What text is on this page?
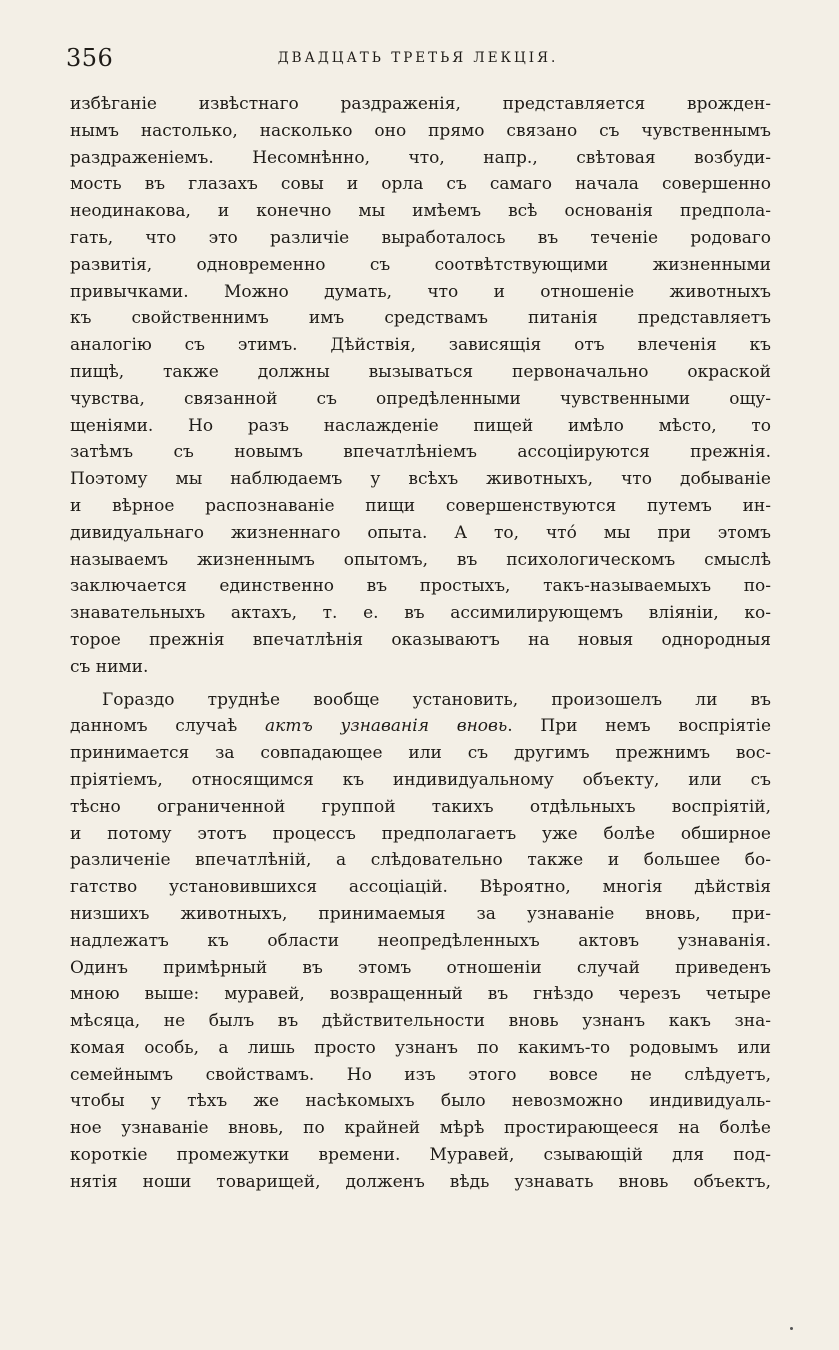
356	ДВАДЦАТЬ ТРЕТЬЯ ЛЕКЦІЯ.
избѣганіе извѣстнаго раздраженія, представляется врожден-
нымъ настолько, насколько оно прямо связано съ чувственнымъ
раздраженіемъ. Несомнѣнно, что, напр., свѣтовая возбуди-
мость въ глазахъ совы и орла съ самаго начала совершенно
неодинакова, и конечно мы имѣемъ всѣ основанія предпола-
гать, что это различіе выработалось въ теченіе родоваго
развитія, одновременно съ соотвѣтствующими жизненными
привычками. Можно думать, что и отношеніе животныхъ
къ свойственнимъ имъ средствамъ питанія представляетъ
аналогію съ этимъ. Дѣйствія, зависящія отъ влеченія къ
пищѣ, также должны вызываться первоначально окраской
чувства, связанной съ опредѣленными чувственными ощу-
щеніями. Но разъ наслажденіе пищей имѣло мѣсто, то
затѣмъ съ новымъ впечатлѣніемъ ассоціируются прежнія.
Поэтому мы наблюдаемъ у всѣхъ животныхъ, что добываніе
и вѣрное распознаваніе пищи совершенствуются путемъ ин-
дивидуальнаго жизненнаго опыта. А то, что́ мы при этомъ
называемъ жизненнымъ опытомъ, въ психологическомъ смыслѣ
заключается единственно въ простыхъ, такъ-называемыхъ по-
знавательныхъ актахъ, т. е. въ ассимилирующемъ вліяніи, ко-
торое прежнія впечатлѣнія оказываютъ на новыя однородныя
съ ними.
Гораздо труднѣе вообще установить, произошелъ ли въ
данномъ случаѣ актъ узнаванія вновь. При немъ воспріятіе
принимается за совпадающее или съ другимъ прежнимъ вос-
пріятіемъ, относящимся къ индивидуальному объекту, или съ
тѣсно ограниченной группой такихъ отдѣльныхъ воспріятій,
и потому этотъ процессъ предполагаетъ уже болѣе обширное
различеніе впечатлѣній, а слѣдовательно также и большее бо-
гатство установившихся ассоціацій. Вѣроятно, многія дѣйствія
низшихъ животныхъ, принимаемыя за узнаваніе вновь, при-
надлежатъ къ области неопредѣленныхъ актовъ узнаванія.
Одинъ примѣрный въ этомъ отношеніи случай приведенъ
мною выше: муравей, возвращенный въ гнѣздо черезъ четыре
мѣсяца, не былъ въ дѣйствительности вновь узнанъ какъ зна-
комая особь, а лишь просто узнанъ по какимъ-то родовымъ или
семейнымъ свойствамъ. Но изъ этого вовсе не слѣдуетъ,
чтобы у тѣхъ же насѣкомыхъ было невозможно индивидуаль-
ное узнаваніе вновь, по крайней мѣрѣ простирающееся на болѣе
короткіе промежутки времени. Муравей, сзывающій для под-
нятія ноши товарищей, долженъ вѣдь узнавать вновь объектъ,
